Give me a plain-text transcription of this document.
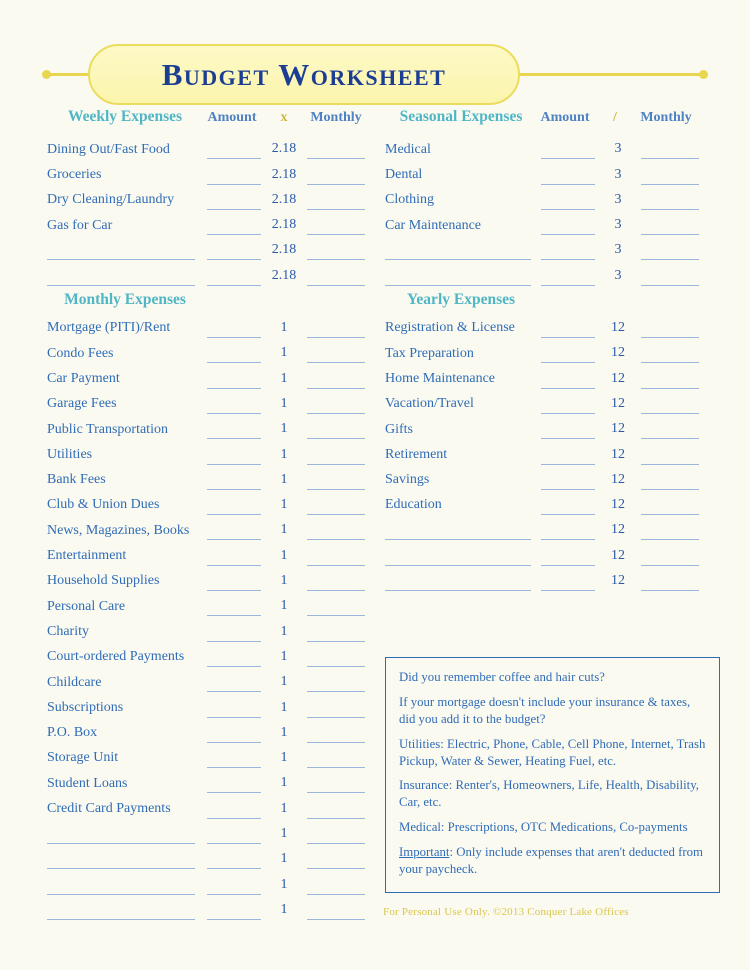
Budget Worksheet
Weekly Expenses	Amount	x	Monthly
Dining Out/Fast Food	2.18
Groceries	2.18
Dry Cleaning/Laundry	2.18
Gas for Car	2.18
2.18
2.18
Monthly Expenses
Mortgage (PITI)/Rent	1
Condo Fees	1
Car Payment	1
Garage Fees	1
Public Transportation	1
Utilities	1
Bank Fees	1
Club & Union Dues	1
News, Magazines, Books	1
Entertainment	1
Household Supplies	1
Personal Care	1
Charity	1
Court-ordered Payments	1
Childcare	1
Subscriptions	1
P.O. Box	1
Storage Unit	1
Student Loans	1
Credit Card Payments	1
1
1
1
1
Seasonal Expenses	Amount	/	Monthly
Medical	3
Dental	3
Clothing	3
Car Maintenance	3
3
3
Yearly Expenses
Registration & License	12
Tax Preparation	12
Home Maintenance	12
Vacation/Travel	12
Gifts	12
Retirement	12
Savings	12
Education	12
12
12
12

Did you remember coffee and hair cuts?

If your mortgage doesn't include your insurance & taxes, did you add it to the budget?

Utilities: Electric, Phone, Cable, Cell Phone, Internet, Trash Pickup, Water & Sewer, Heating Fuel, etc.

Insurance: Renter's, Homeowners, Life, Health, Disability, Car, etc.

Medical: Prescriptions, OTC Medications, Co-payments

Important: Only include expenses that aren't deducted from your paycheck.

For Personal Use Only. ©2013 Conquer Lake Offices
